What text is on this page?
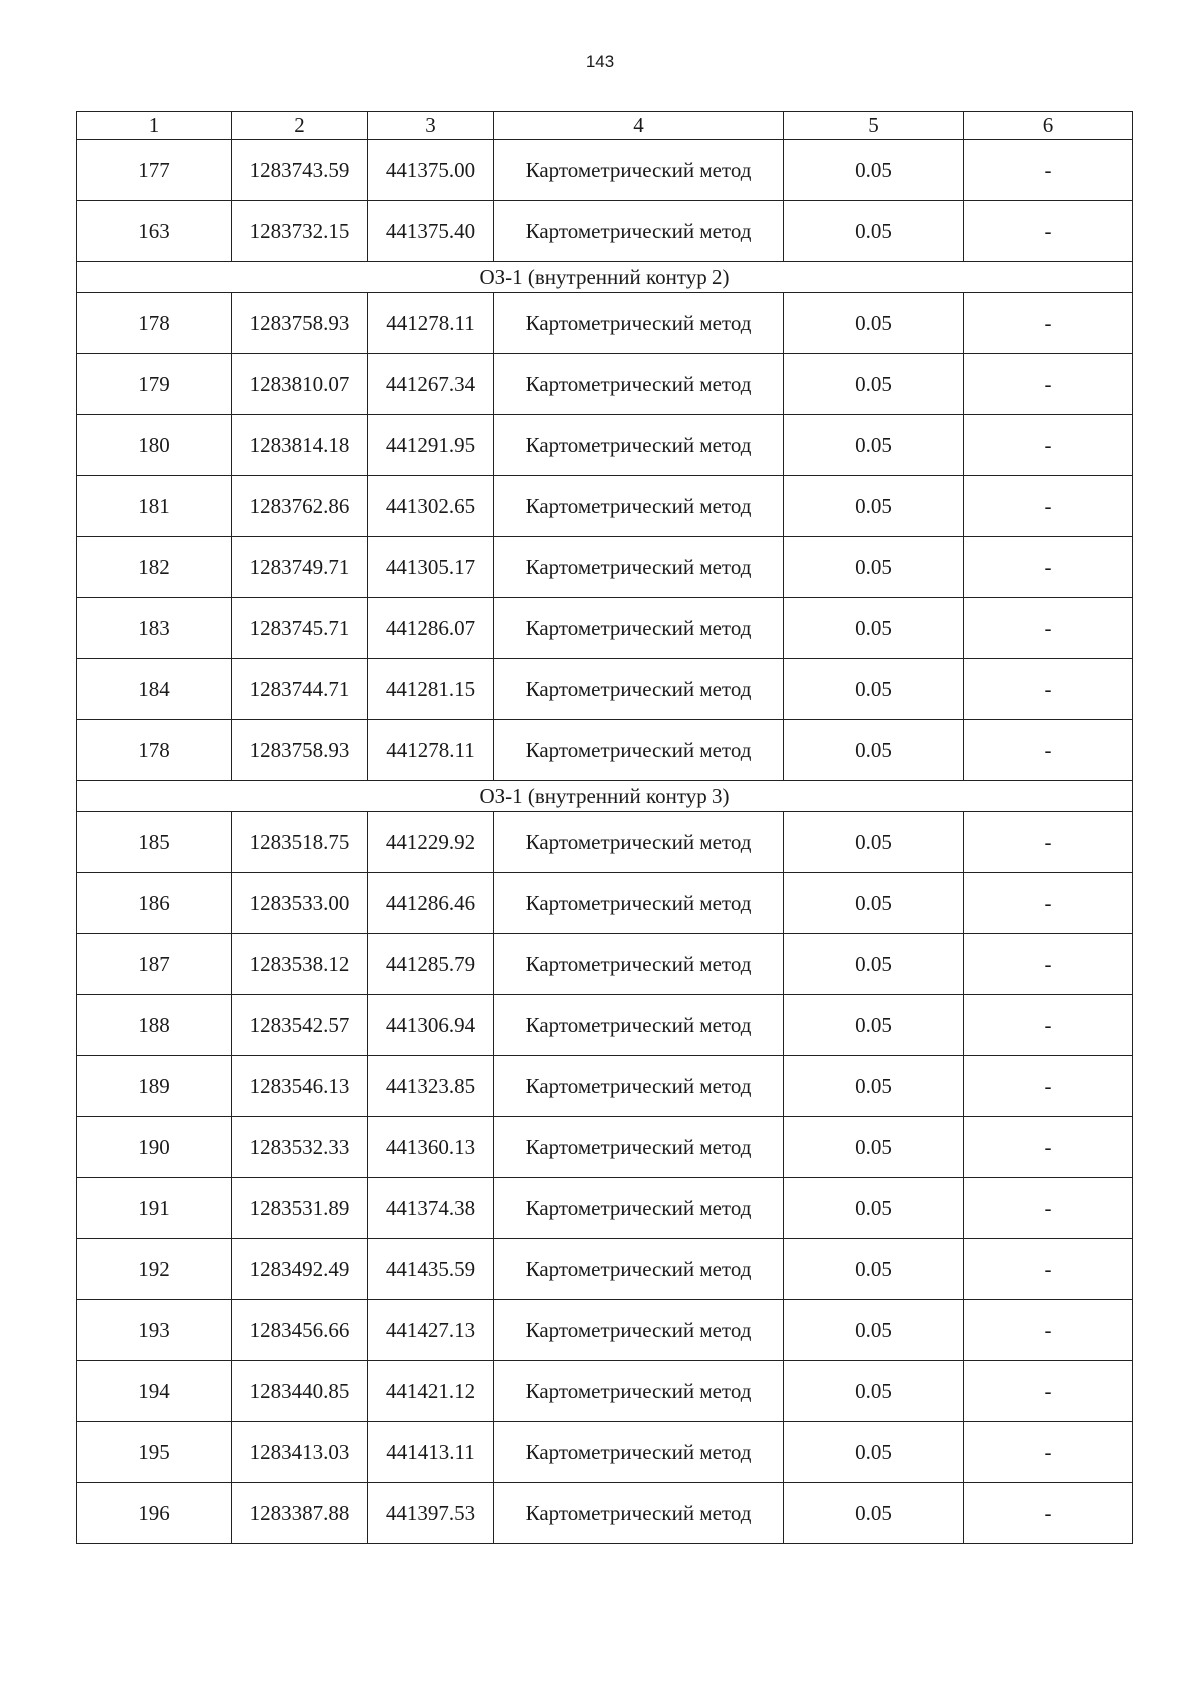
143
1	2	3	4	5	6
177	1283743.59	441375.00	Картометрический метод	0.05	-
163	1283732.15	441375.40	Картометрический метод	0.05	-
ОЗ-1 (внутренний контур 2)					
178	1283758.93	441278.11	Картометрический метод	0.05	-
179	1283810.07	441267.34	Картометрический метод	0.05	-
180	1283814.18	441291.95	Картометрический метод	0.05	-
181	1283762.86	441302.65	Картометрический метод	0.05	-
182	1283749.71	441305.17	Картометрический метод	0.05	-
183	1283745.71	441286.07	Картометрический метод	0.05	-
184	1283744.71	441281.15	Картометрический метод	0.05	-
178	1283758.93	441278.11	Картометрический метод	0.05	-
ОЗ-1 (внутренний контур 3)					
185	1283518.75	441229.92	Картометрический метод	0.05	-
186	1283533.00	441286.46	Картометрический метод	0.05	-
187	1283538.12	441285.79	Картометрический метод	0.05	-
188	1283542.57	441306.94	Картометрический метод	0.05	-
189	1283546.13	441323.85	Картометрический метод	0.05	-
190	1283532.33	441360.13	Картометрический метод	0.05	-
191	1283531.89	441374.38	Картометрический метод	0.05	-
192	1283492.49	441435.59	Картометрический метод	0.05	-
193	1283456.66	441427.13	Картометрический метод	0.05	-
194	1283440.85	441421.12	Картометрический метод	0.05	-
195	1283413.03	441413.11	Картометрический метод	0.05	-
196	1283387.88	441397.53	Картометрический метод	0.05	-
